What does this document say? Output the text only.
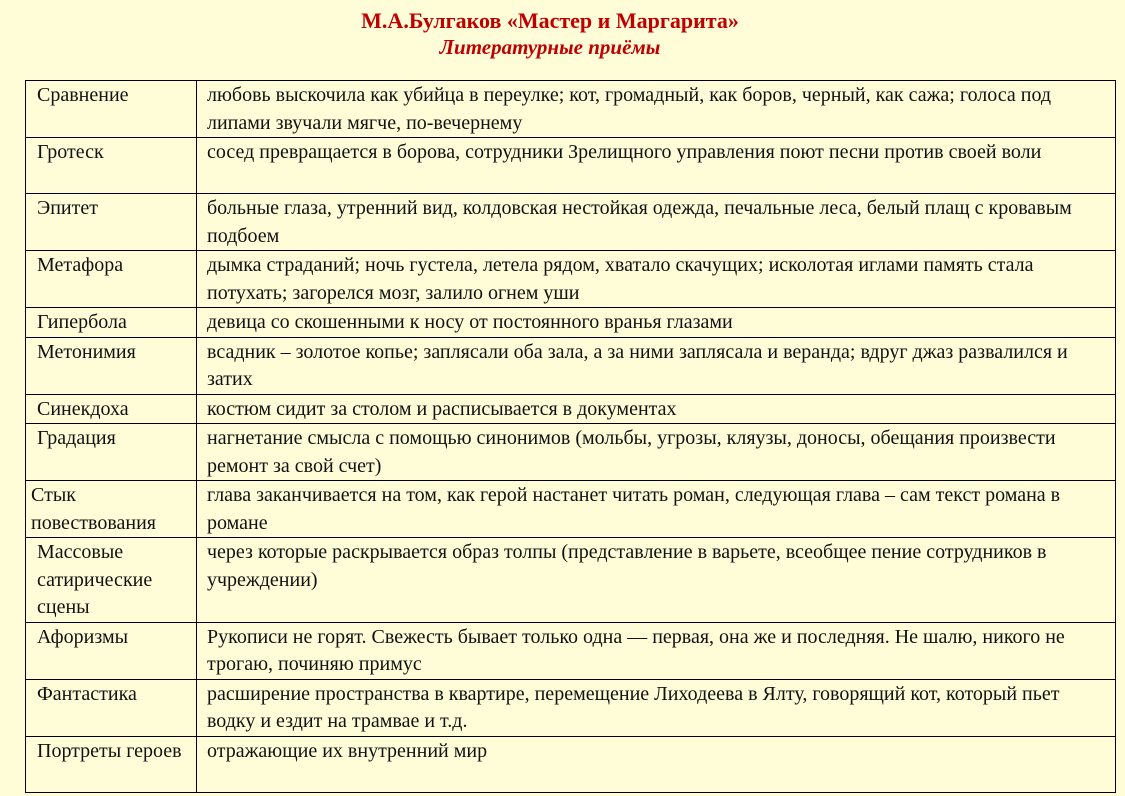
М.А.Булгаков «Мастер и Маргарита»
Литературные приёмы
Сравнение	любовь выскочила как убийца в переулке; кот, громадный, как боров, черный, как сажа; голоса под липами звучали мягче, по-вечернему
Гротеск	сосед превращается в борова, сотрудники Зрелищного управления поют песни против своей воли
Эпитет	больные глаза, утренний вид, колдовская нестойкая одежда, печальные леса, белый плащ с кровавым подбоем
Метафора	дымка страданий; ночь густела, летела рядом, хватало скачущих; исколотая иглами память стала потухать; загорелся мозг, залило огнем уши
Гипербола	девица со скошенными к носу от постоянного вранья глазами
Метонимия	всадник – золотое копье; заплясали оба зала, а за ними заплясала и веранда; вдруг джаз развалился и затих
Синекдоха	костюм сидит за столом и расписывается в документах
Градация	нагнетание смысла с помощью синонимов (мольбы, угрозы, кляузы, доносы, обещания произвести ремонт за свой счет)
Стык повествования	глава заканчивается на том, как герой настанет читать роман, следующая глава – сам текст романа в романе
Массовые сатирические сцены	через которые раскрывается образ толпы (представление в варьете, всеобщее пение сотрудников в учреждении)
Афоризмы	Рукописи не горят. Свежесть бывает только одна — первая, она же и последняя. Не шалю, никого не трогаю, починяю примус
Фантастика	расширение пространства в квартире, перемещение Лиходеева в Ялту, говорящий кот, который пьет водку и ездит на трамвае и т.д.
Портреты героев	отражающие их внутренний мир
